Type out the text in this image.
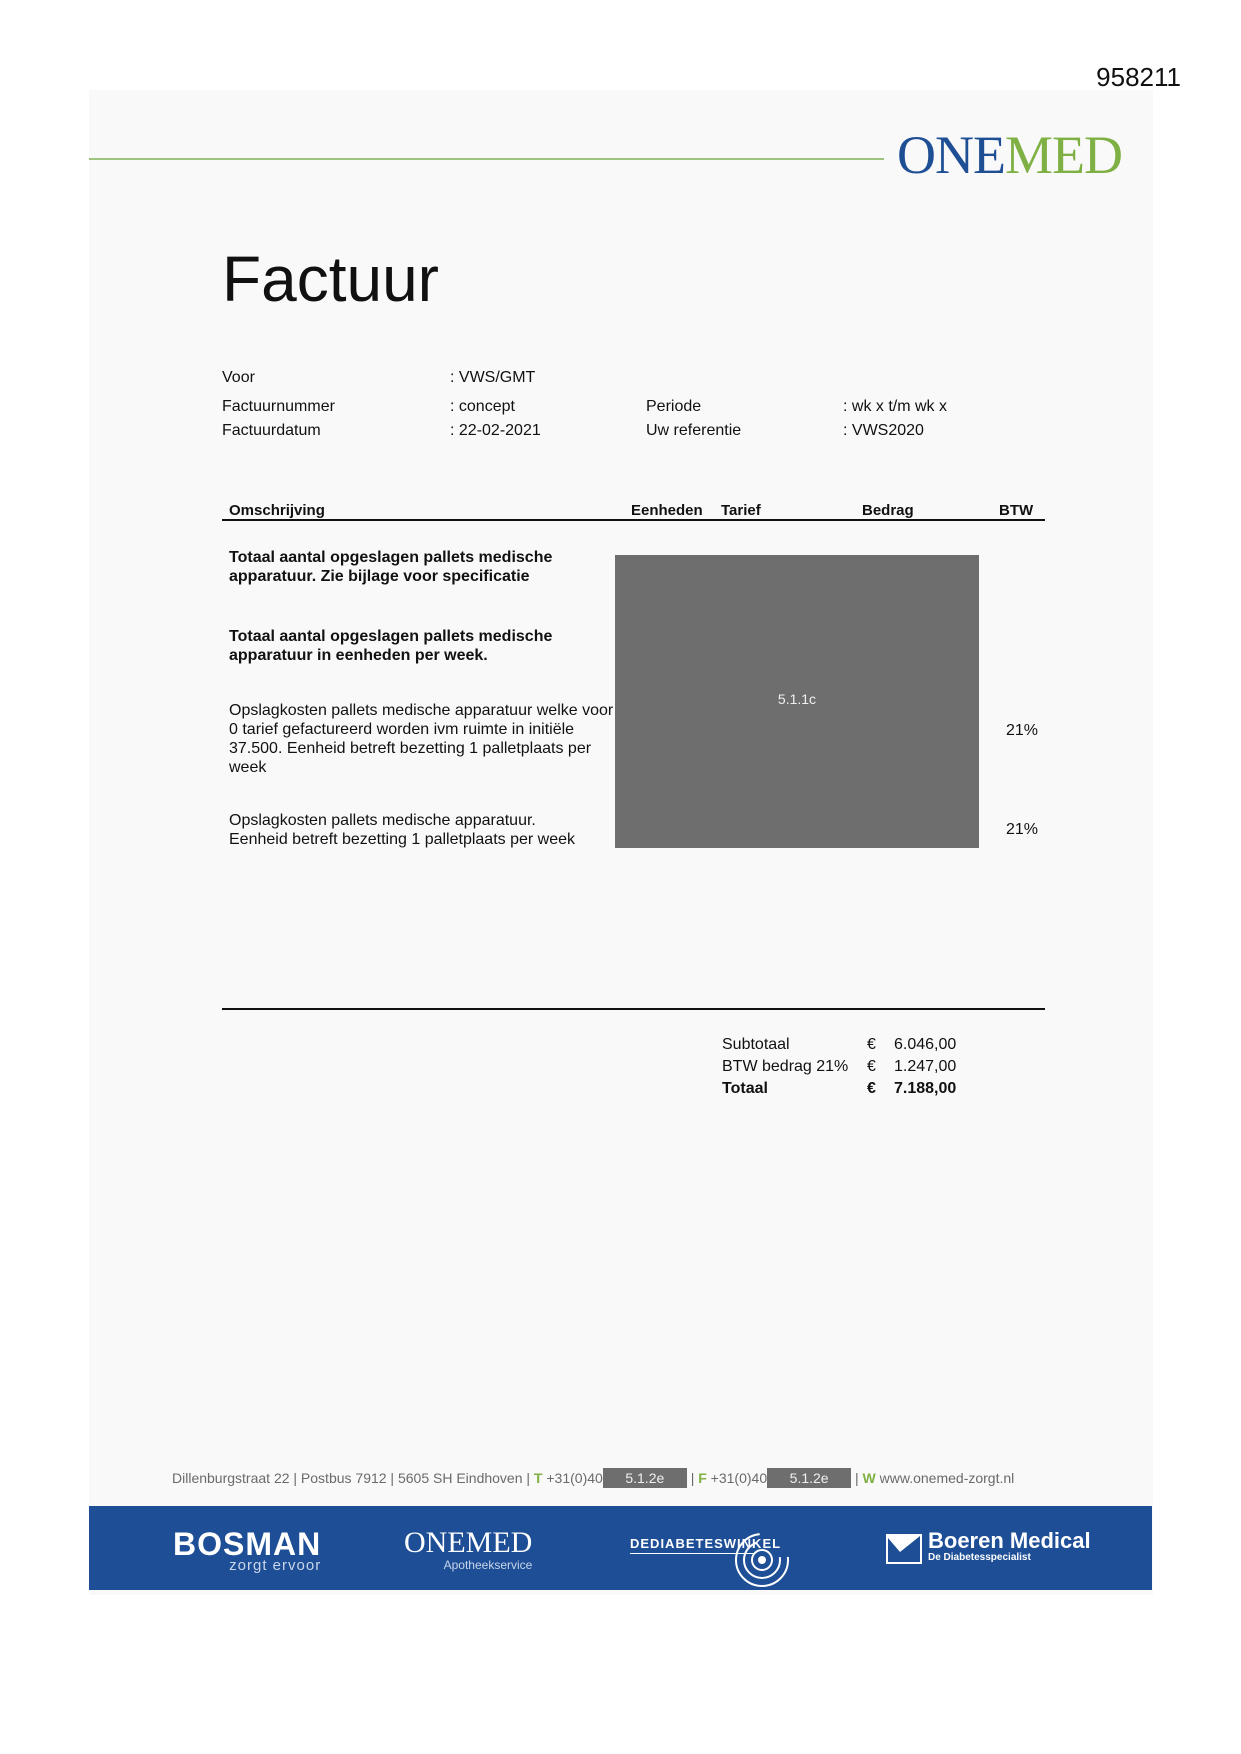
958211
ONEMED
Factuur
Voor	: VWS/GMT
Factuurnummer	: concept	Periode	: wk x t/m wk x
Factuurdatum	: 22-02-2021	Uw referentie	: VWS2020
Omschrijving	Eenheden Tarief	Bedrag	BTW
Totaal aantal opgeslagen pallets medische
apparatuur. Zie bijlage voor specificatie
Totaal aantal opgeslagen pallets medische
apparatuur in eenheden per week.
Opslagkosten pallets medische apparatuur welke voor
0 tarief gefactureerd worden ivm ruimte in initiële
37.500. Eenheid betreft bezetting 1 palletplaats per
week
21%
Opslagkosten pallets medische apparatuur.
Eenheid betreft bezetting 1 palletplaats per week
21%
5.1.1c
Subtotaal	€ 6.046,00
BTW bedrag 21% € 1.247,00
Totaal	€ 7.188,00
Dillenburgstraat 22 | Postbus 7912 | 5605 SH Eindhoven | T +31(0)40 5.1.2e | F +31(0)40 5.1.2e | W www.onemed-zorgt.nl
BOSMAN
zorgt ervoor
ONEMED
Apotheekservice
DEDIABETESWINKEL	Boeren Medical
De Diabetesspecialist
